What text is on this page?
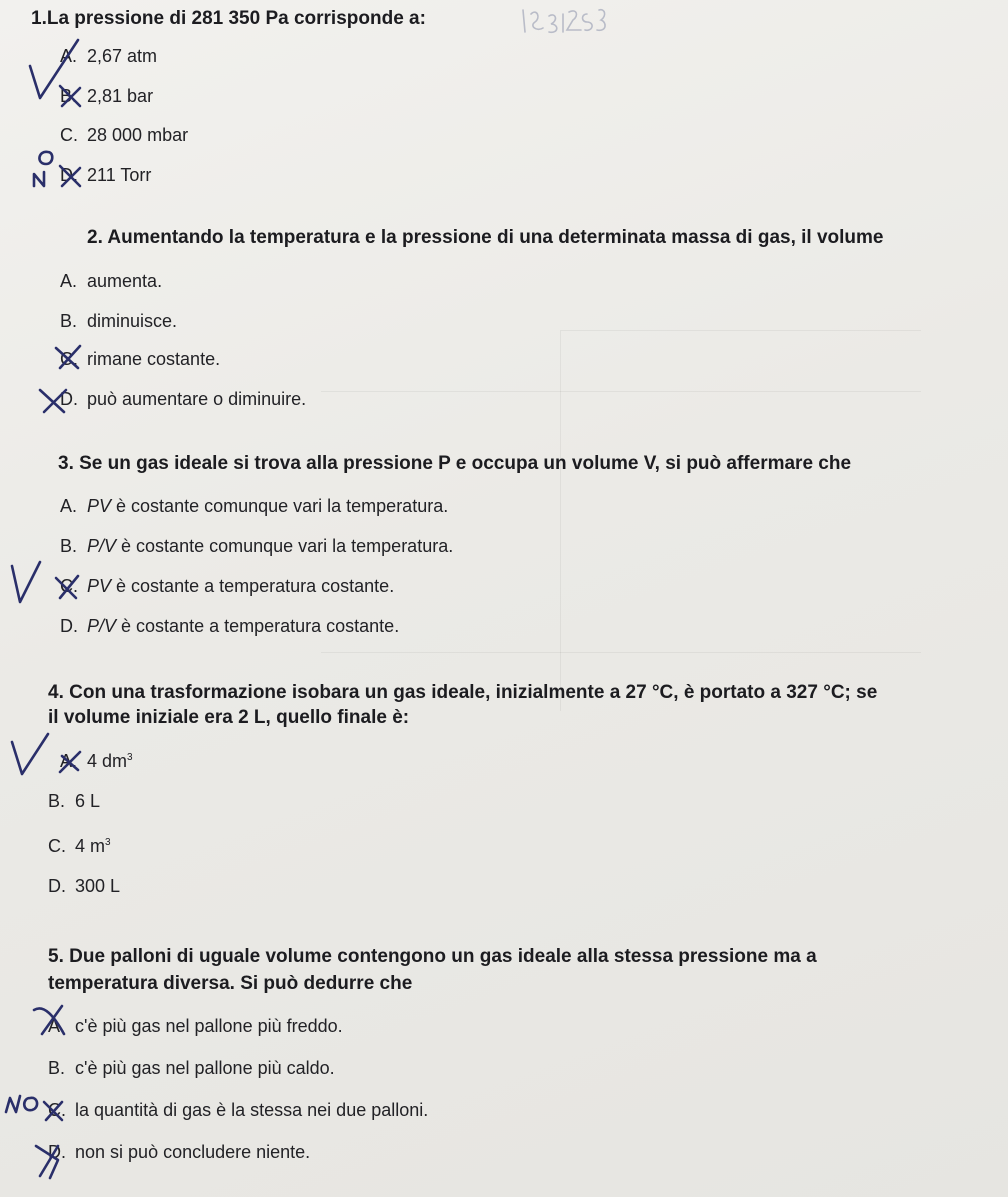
1.La pressione di 281 350 Pa corrisponde a:
A. 2,67 atm
B. 2,81 bar
C. 28 000 mbar
D. 211 Torr
2. Aumentando la temperatura e la pressione di una determinata massa di gas, il volume
A. aumenta.
B. diminuisce.
C. rimane costante.
D. può aumentare o diminuire.
3. Se un gas ideale si trova alla pressione P e occupa un volume V, si può affermare che
A. PV è costante comunque vari la temperatura.
B. P/V è costante comunque vari la temperatura.
C. PV è costante a temperatura costante.
D. P/V è costante a temperatura costante.
4. Con una trasformazione isobara un gas ideale, inizialmente a 27 °C, è portato a 327 °C; se
il volume iniziale era 2 L, quello finale è:
A. 4 $dm^3$
B. 6 L
C. 4 $m^3$
D. 300 L
5. Due palloni di uguale volume contengono un gas ideale alla stessa pressione ma a
temperatura diversa. Si può dedurre che
A. c'è più gas nel pallone più freddo.
B. c'è più gas nel pallone più caldo.
C. la quantità di gas è la stessa nei due palloni.
D. non si può concludere niente.
